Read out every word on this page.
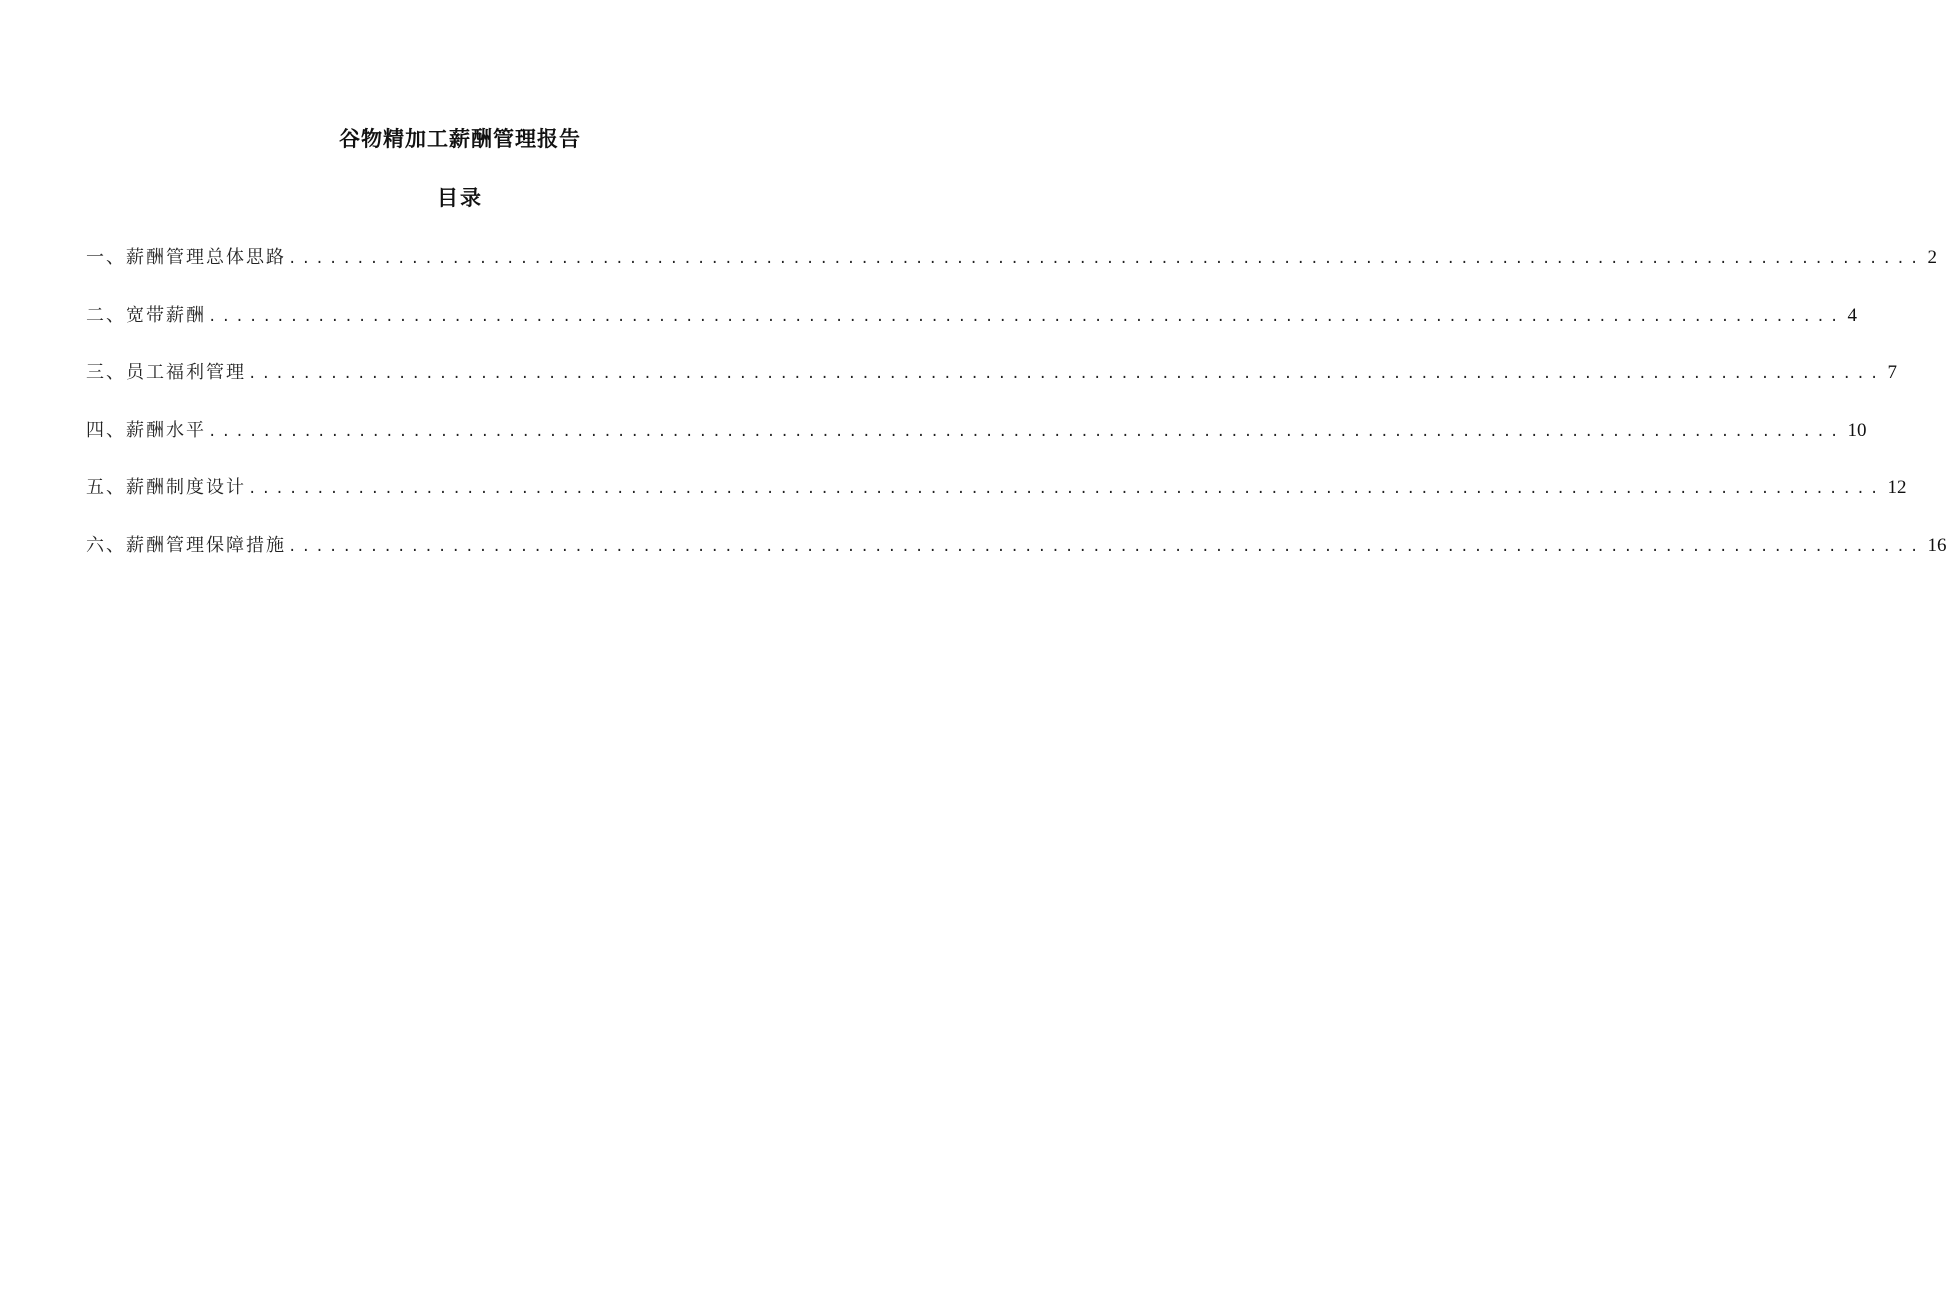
谷物精加工薪酬管理报告
目录
一、薪酬管理总体思路 ........................................................................................................................ 2
二、宽带薪酬 ........................................................................................................................ 4
三、员工福利管理 ........................................................................................................................ 7
四、薪酬水平 ........................................................................................................................ 10
五、薪酬制度设计 ........................................................................................................................ 12
六、薪酬管理保障措施 ........................................................................................................................ 16
